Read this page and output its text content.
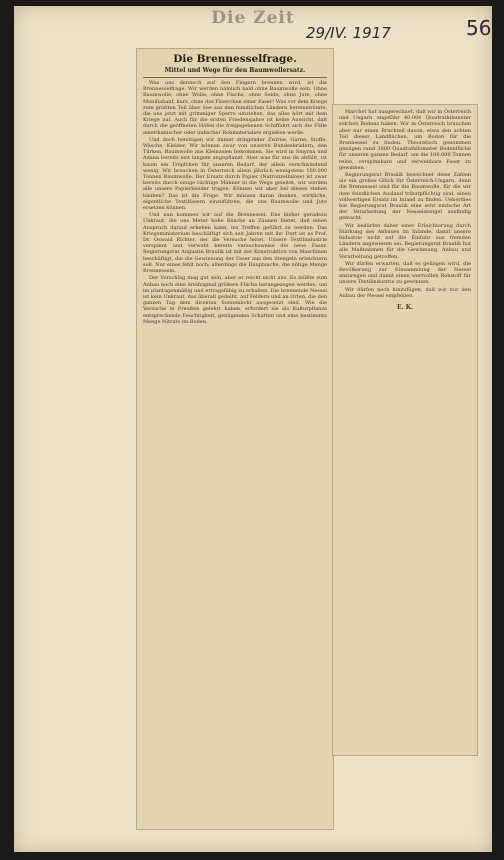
Die Zeit
29/IV. 1917	56
Die Brennesselfrage.
Mittel und Wege für den Baumwollersatz.

Was uns dennoch auf den Fingern brennen wird, ist die Brennesselfrage. Wir werden nämlich bald ohne Baumwolle sein. Ohne Baumwolle, ohne Wolle, ohne Flachs, ohne Seide, ohne Jute, ohne Manillahanf, kurz, ohne das Fäserchen einer Faser! Was vor dem Kriege zum größten Teil über See aus den feindlichen Ländern hereinströmte, die uns jetzt mit grimmiger Sperre umziehen, das alles hört mit dem Kriege auf. Auch für die ersten Friedensjahre ist keine Aussicht, daß durch die geöffneten Häfen die freigegebenen Schiffahrt sich die Fülle amerikanischer oder indischer Rohmaterialien ergießen werde.

Und doch benötigen wir immer dringender Zwirne, Garne, Stoffe, Wäsche, Kleider. Wir können zwar von unseren Bundesbrüdern, den Türken, Baumwolle aus Kleinasien bekommen. Sie wird in Smyrna und Adana bereits seit langem angepflanzt. Aber was für uns da abfällt, ist kaum ein Tröpfchen für unseren Bedarf, der allein verschwindend wenig. Wir brauchen in Österreich allein jährlich wenigstens 100.000 Tonnen Baumwolle. Der Ersatz durch Papier (Natronzellulose) ist zwar bereits durch einige tüchtige Männer in die Wege geleitet, wir werden alle unsere Papierkleider tragen. Können wir aber bei diesen stehen bleiben? Das ist die Frage. Wir müssen daran denken, wirkliche, eigentliche Textilfasern einzuführen, die uns Baumwolle und Jute ersetzen können.

Und nun kommen wir auf die Brennessel. Das bisher geradezu Unkraut, die uns Meter hohe Büsche an Zäunen bietet, daß einen Anspruch darauf erheben kann, ins Treffen geführt zu werden. Das Kriegsministerium beschäftigt sich seit Jahren mit ihr. Dort ist es Prof. Dr. Oswald Richter, der die Versuche leitet. Unsere Textilindustrie verspinnt und verwebt bereits versuchsweise die neue Faser. Regierungsrat Augustin Braulik ist mit der Konstruktion von Maschinen beschäftigt, die die Gewinnung der Faser aus den Stengeln erleichtern soll. Nur eines fehlt noch: allerdings die Hauptsache, die nötige Menge Brennesseln.

Der Vorschlag mag gut sein, aber er reicht nicht aus. Es müßte zum Anbau noch eine dreifzigmal größere Fläche herangezogen werden, um im plantagenmäßig und ertragsfähig zu erhalten. Die brennende Nessel ist kein Unkraut, das überall gedeiht, auf Feldern und an Orten, die den ganzen Tag dem direkten Sonnenlicht ausgesetzt sind. Wie die Versuche in Preußen gelehrt haben, erfordert sie als Kulturpflanze entsprechende Feuchtigkeit, genügenden Schatten und eine bestimmte Menge Nitrate im Boden.

Marchet hat ausgerechnet, daß wir in Österreich und Ungarn ungefähr 40.000 Quadratkilometer solchen Bodens haben. Wir in Österreich brauchen aber nur einen Bruchteil davon, etwa den achten Teil dieser Landflächen, um Boden für die Brennessel zu finden. Theoretisch genommen genügen rund 3000 Quadratkilometer Bodenfläche für unseren ganzen Bedarf, um die 100.000 Tonnen reine, verspinnbare und verwebbare Faser zu gewinnen.

Regierungsrat Braulik bezeichnet diese Zahlen als ein großes Glück für Österreich-Ungarn, denn die Brennessel sind für die Baumwolle, für die wir dem feindlichen Ausland tributpflichtig sind, einen vollwertigen Ersatz im Inland zu finden. Ueberdies hat Regierungsrat Braulik eine sehr einfache Art der Verarbeitung der Nesselstengel ausfindig gemacht.

Wir bedürfen daher einer Erleichterung durch Stärkung des Anbaues im Inlande, damit unsere Industrie nicht auf die Einfuhr aus fremden Ländern angewiesen sei. Regierungsrat Braulik hat alle Maßnahmen für die Gewinnung, Anbau und Verarbeitung getroffen.

Wir dürfen erwarten, daß es gelingen wird, die Bevölkerung zur Einsammlung der Nessel anzuregen und damit einen wertvollen Rohstoff für unsere Textilindustrie zu gewinnen.

Wir dürfen noch hinzufügen, daß wir nur den Anbau der Nessel empfehlen.

E. K.
